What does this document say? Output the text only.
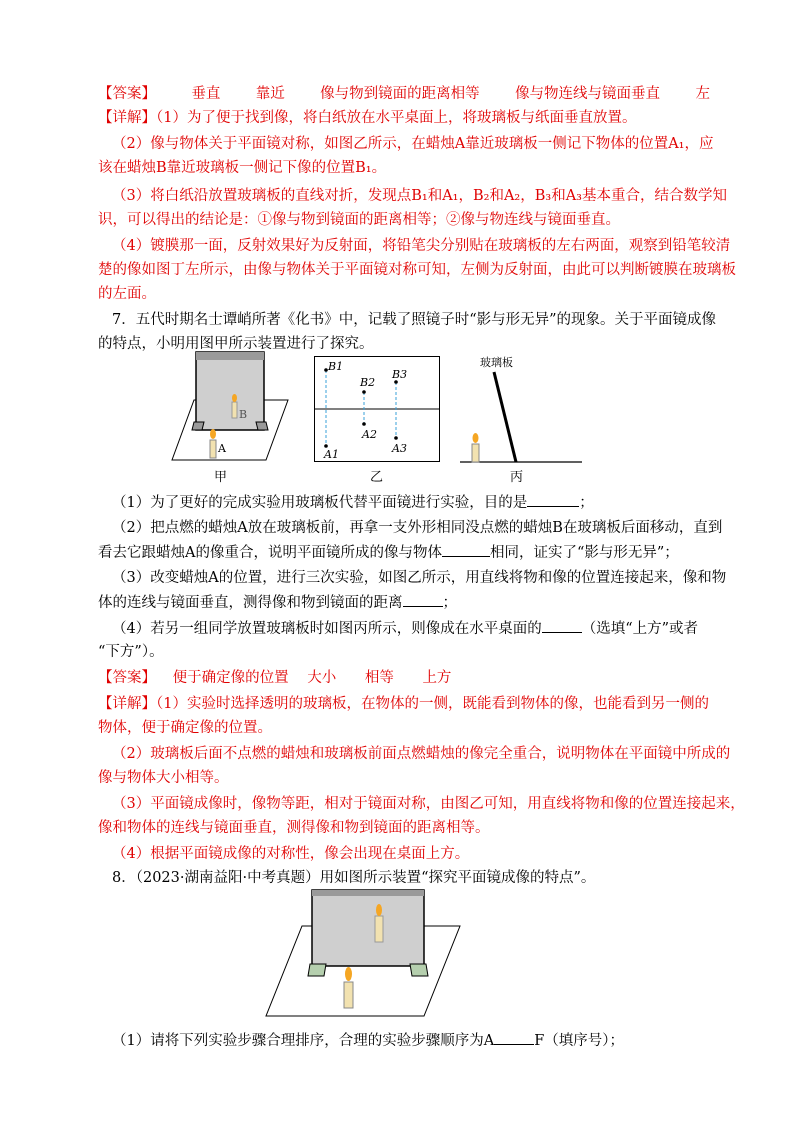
【答案】 垂直 靠近 像与物到镜面的距离相等 像与物连线与镜面垂直 左
【详解】（1）为了便于找到像，将白纸放在水平桌面上，将玻璃板与纸面垂直放置。
（2）像与物体关于平面镜对称，如图乙所示，在蜡烛A靠近玻璃板一侧记下物体的位置A₁，应
该在蜡烛B靠近玻璃板一侧记下像的位置B₁。
（3）将白纸沿放置玻璃板的直线对折，发现点B₁和A₁，B₂和A₂，B₃和A₃基本重合，结合数学知
识，可以得出的结论是：①像与物到镜面的距离相等；②像与物连线与镜面垂直。
（4）镀膜那一面，反射效果好为反射面，将铅笔尖分别贴在玻璃板的左右两面，观察到铅笔较清
楚的像如图丁左所示，由像与物体关于平面镜对称可知，左侧为反射面，由此可以判断镀膜在玻璃板
的左面。
7．五代时期名士谭峭所著《化书》中，记载了照镜子时“影与形无异”的现象。关于平面镜成像
的特点，小明用图甲所示装置进行了探究。
B
A
甲
B1
B2
B3
A1
A2
A3
乙
玻璃板
丙
（1）为了更好的完成实验用玻璃板代替平面镜进行实验，目的是	；
（2）把点燃的蜡烛A放在玻璃板前，再拿一支外形相同没点燃的蜡烛B在玻璃板后面移动，直到
看去它跟蜡烛A的像重合，说明平面镜所成的像与物体	相同，证实了“影与形无异”；
（3）改变蜡烛A的位置，进行三次实验，如图乙所示，用直线将物和像的位置连接起来，像和物
体的连线与镜面垂直，测得像和物到镜面的距离	；
（4）若另一组同学放置玻璃板时如图丙所示，则像成在水平桌面的	（选填“上方”或者
“下方”）。
【答案】 便于确定像的位置 大小 相等 上方
【详解】（1）实验时选择透明的玻璃板，在物体的一侧，既能看到物体的像，也能看到另一侧的
物体，便于确定像的位置。
（2）玻璃板后面不点燃的蜡烛和玻璃板前面点燃蜡烛的像完全重合，说明物体在平面镜中所成的
像与物体大小相等。
（3）平面镜成像时，像物等距，相对于镜面对称，由图乙可知，用直线将物和像的位置连接起来，
像和物体的连线与镜面垂直，测得像和物到镜面的距离相等。
（4）根据平面镜成像的对称性，像会出现在桌面上方。
8．（2023·湖南益阳·中考真题）用如图所示装置“探究平面镜成像的特点”。
（1）请将下列实验步骤合理排序，合理的实验步骤顺序为A	F（填序号）；
